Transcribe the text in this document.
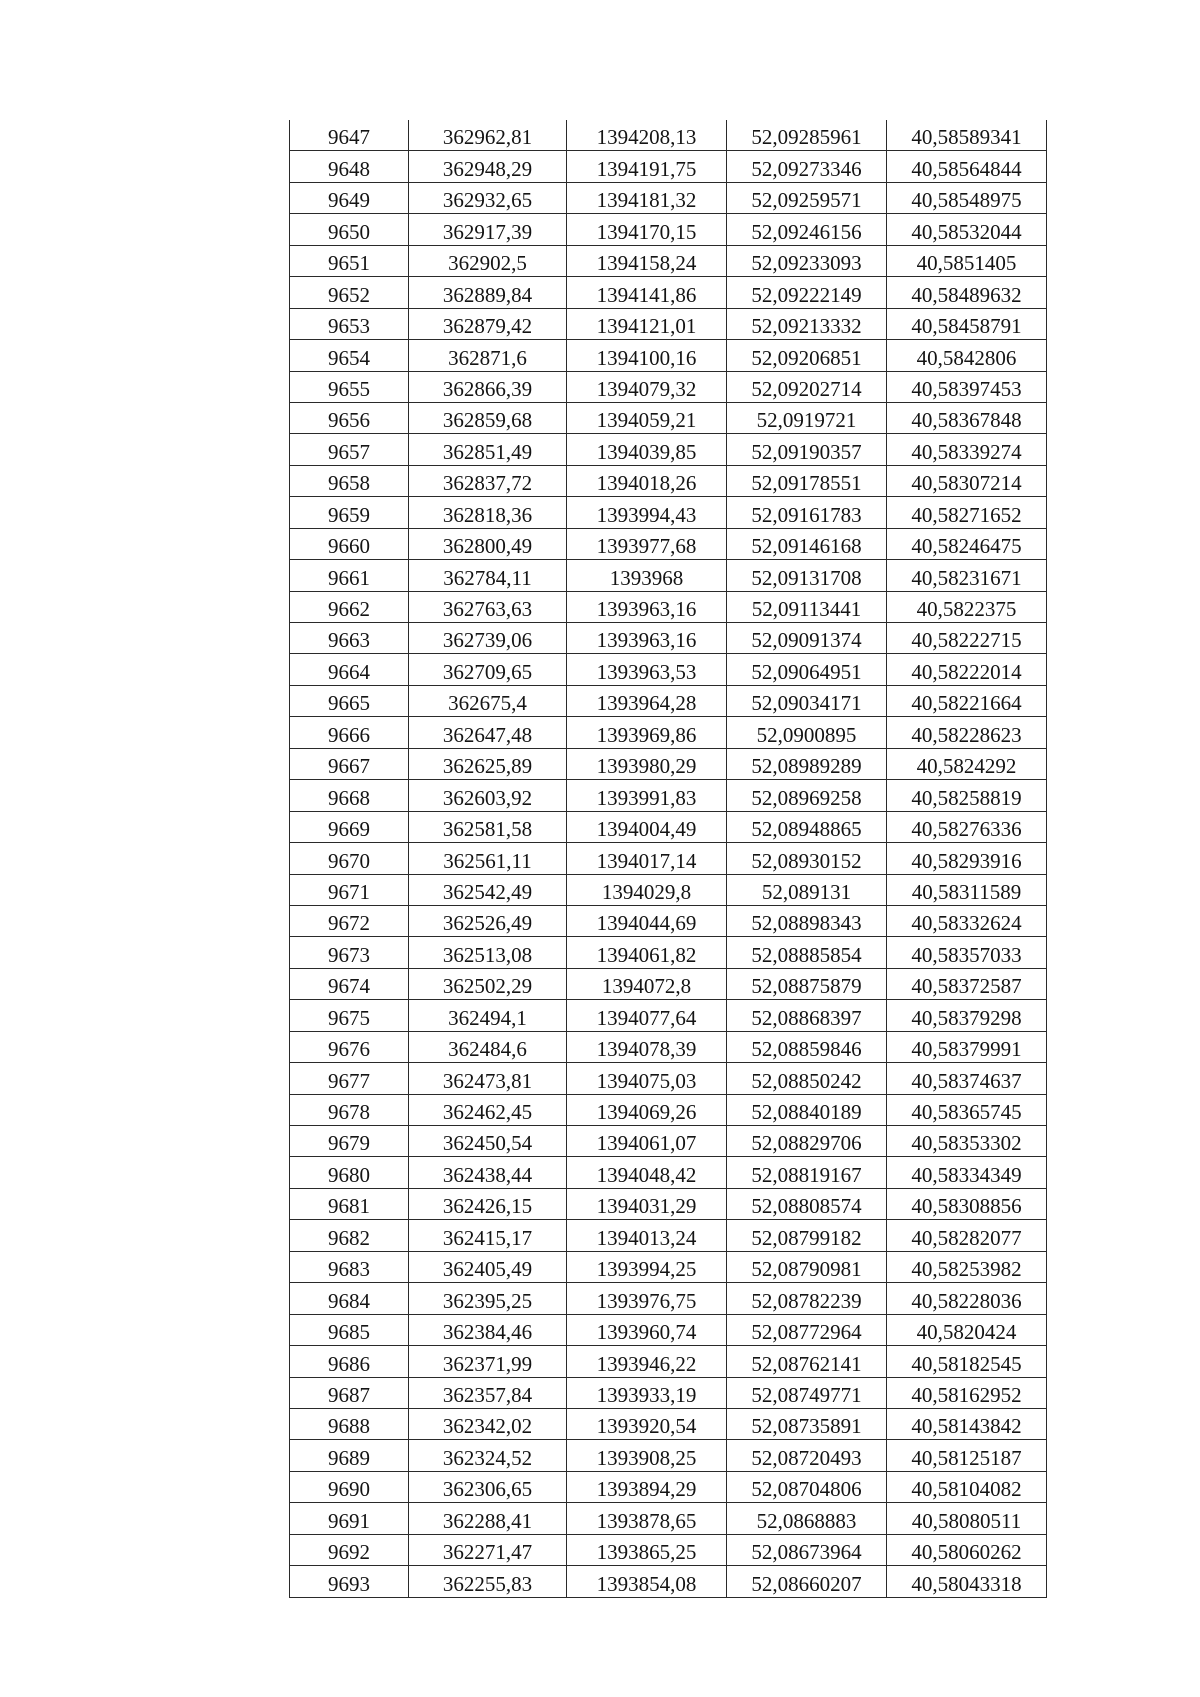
9647	362962,81	1394208,13	52,09285961	40,58589341
9648	362948,29	1394191,75	52,09273346	40,58564844
9649	362932,65	1394181,32	52,09259571	40,58548975
9650	362917,39	1394170,15	52,09246156	40,58532044
9651	362902,5	1394158,24	52,09233093	40,5851405
9652	362889,84	1394141,86	52,09222149	40,58489632
9653	362879,42	1394121,01	52,09213332	40,58458791
9654	362871,6	1394100,16	52,09206851	40,5842806
9655	362866,39	1394079,32	52,09202714	40,58397453
9656	362859,68	1394059,21	52,0919721	40,58367848
9657	362851,49	1394039,85	52,09190357	40,58339274
9658	362837,72	1394018,26	52,09178551	40,58307214
9659	362818,36	1393994,43	52,09161783	40,58271652
9660	362800,49	1393977,68	52,09146168	40,58246475
9661	362784,11	1393968	52,09131708	40,58231671
9662	362763,63	1393963,16	52,09113441	40,5822375
9663	362739,06	1393963,16	52,09091374	40,58222715
9664	362709,65	1393963,53	52,09064951	40,58222014
9665	362675,4	1393964,28	52,09034171	40,58221664
9666	362647,48	1393969,86	52,0900895	40,58228623
9667	362625,89	1393980,29	52,08989289	40,5824292
9668	362603,92	1393991,83	52,08969258	40,58258819
9669	362581,58	1394004,49	52,08948865	40,58276336
9670	362561,11	1394017,14	52,08930152	40,58293916
9671	362542,49	1394029,8	52,089131	40,58311589
9672	362526,49	1394044,69	52,08898343	40,58332624
9673	362513,08	1394061,82	52,08885854	40,58357033
9674	362502,29	1394072,8	52,08875879	40,58372587
9675	362494,1	1394077,64	52,08868397	40,58379298
9676	362484,6	1394078,39	52,08859846	40,58379991
9677	362473,81	1394075,03	52,08850242	40,58374637
9678	362462,45	1394069,26	52,08840189	40,58365745
9679	362450,54	1394061,07	52,08829706	40,58353302
9680	362438,44	1394048,42	52,08819167	40,58334349
9681	362426,15	1394031,29	52,08808574	40,58308856
9682	362415,17	1394013,24	52,08799182	40,58282077
9683	362405,49	1393994,25	52,08790981	40,58253982
9684	362395,25	1393976,75	52,08782239	40,58228036
9685	362384,46	1393960,74	52,08772964	40,5820424
9686	362371,99	1393946,22	52,08762141	40,58182545
9687	362357,84	1393933,19	52,08749771	40,58162952
9688	362342,02	1393920,54	52,08735891	40,58143842
9689	362324,52	1393908,25	52,08720493	40,58125187
9690	362306,65	1393894,29	52,08704806	40,58104082
9691	362288,41	1393878,65	52,0868883	40,58080511
9692	362271,47	1393865,25	52,08673964	40,58060262
9693	362255,83	1393854,08	52,08660207	40,58043318
